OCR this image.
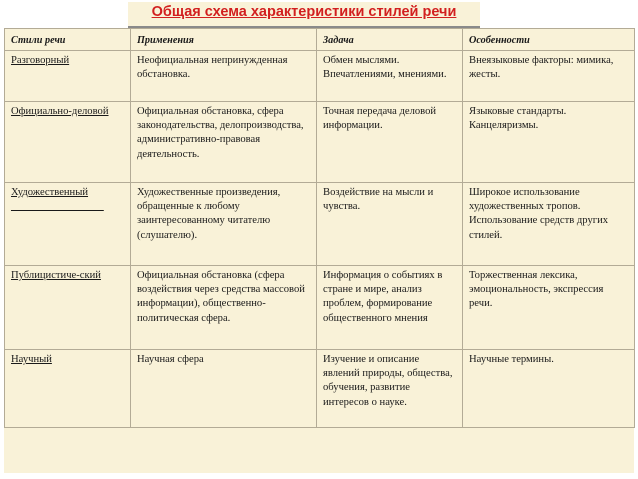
Общая схема характеристики стилей речи
Стили речи	Применения	Задача	Особенности
Разговорный	Неофициальная непринужденная обстановка.	Обмен мыслями. Впечатлениями, мнениями.	Внеязыковые факторы: мимика, жесты.
Официально-деловой	Официальная обстановка, сфера законодательства, делопроизводства, административно-правовая деятельность.	Точная передача деловой информации.	Языковые стандарты. Канцеляризмы.
Художественный ________________ _	Художественные произведения, обращенные к любому заинтересованному читателю (слушателю).	Воздействие на мысли и чувства.	Широкое использование художественных тропов. Использование средств других стилей.
Публицистиче-ский	Официальная обстановка (сфера воздействия через средства массовой информации), общественно-политическая сфера.	Информация о событиях в стране и мире, анализ проблем, формирование общественного мнения	Торжественная лексика, эмоциональность, экспрессия речи.
Научный	Научная сфера	Изучение и описание явлений природы, общества, обучения, развитие интересов о науке.	Научные термины.
